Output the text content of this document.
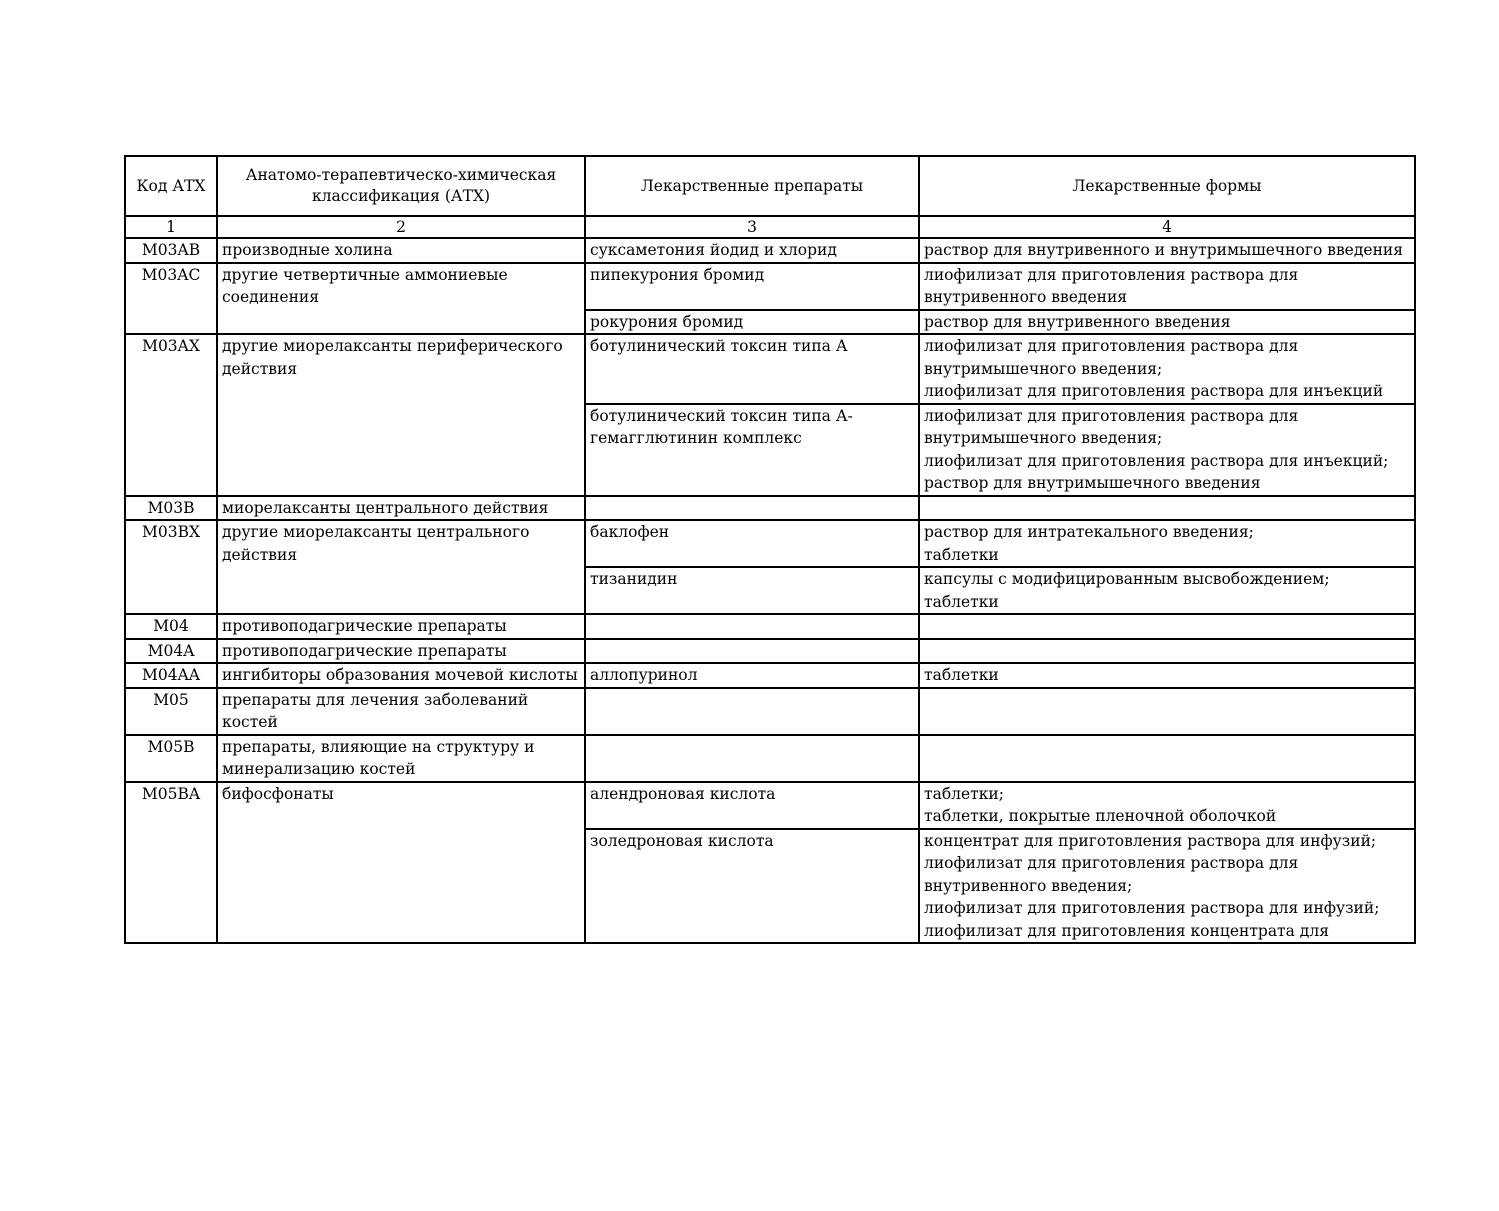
Код АТХ	Анатомо-терапевтическо-химическая классификация (АТХ)	Лекарственные препараты	Лекарственные формы
1	2	3	4
M03AB	производные холина	суксаметония йодид и хлорид	раствор для внутривенного и внутримышечного введения

M03AC	другие четвертичные аммониевые соединения	пипекурония бромид	лиофилизат для приготовления раствора для внутривенного введения

		рокурония бромид	раствор для внутривенного введения

M03AX	другие миорелаксанты периферического действия	ботулинический токсин типа А	лиофилизат для приготовления раствора для внутримышечного введения;
лиофилизат для приготовления раствора для инъекций

		ботулинический токсин типа А-гемагглютинин комплекс	лиофилизат для приготовления раствора для внутримышечного введения;
лиофилизат для приготовления раствора для инъекций;
раствор для внутримышечного введения

M03B	миорелаксанты центрального действия		

M03BX	другие миорелаксанты центрального действия	баклофен	раствор для интратекального введения;
таблетки

		тизанидин	капсулы с модифицированным высвобождением;
таблетки

M04	противоподагрические препараты		

M04A	противоподагрические препараты		

M04AA	ингибиторы образования мочевой кислоты	аллопуринол	таблетки

M05	препараты для лечения заболеваний костей		

M05B	препараты, влияющие на структуру и минерализацию костей		

M05BA	бифосфонаты	алендроновая кислота	таблетки;
таблетки, покрытые пленочной оболочкой

		золедроновая кислота	концентрат для приготовления раствора для инфузий;
лиофилизат для приготовления раствора для внутривенного введения;
лиофилизат для приготовления раствора для инфузий;
лиофилизат для приготовления концентрата для
